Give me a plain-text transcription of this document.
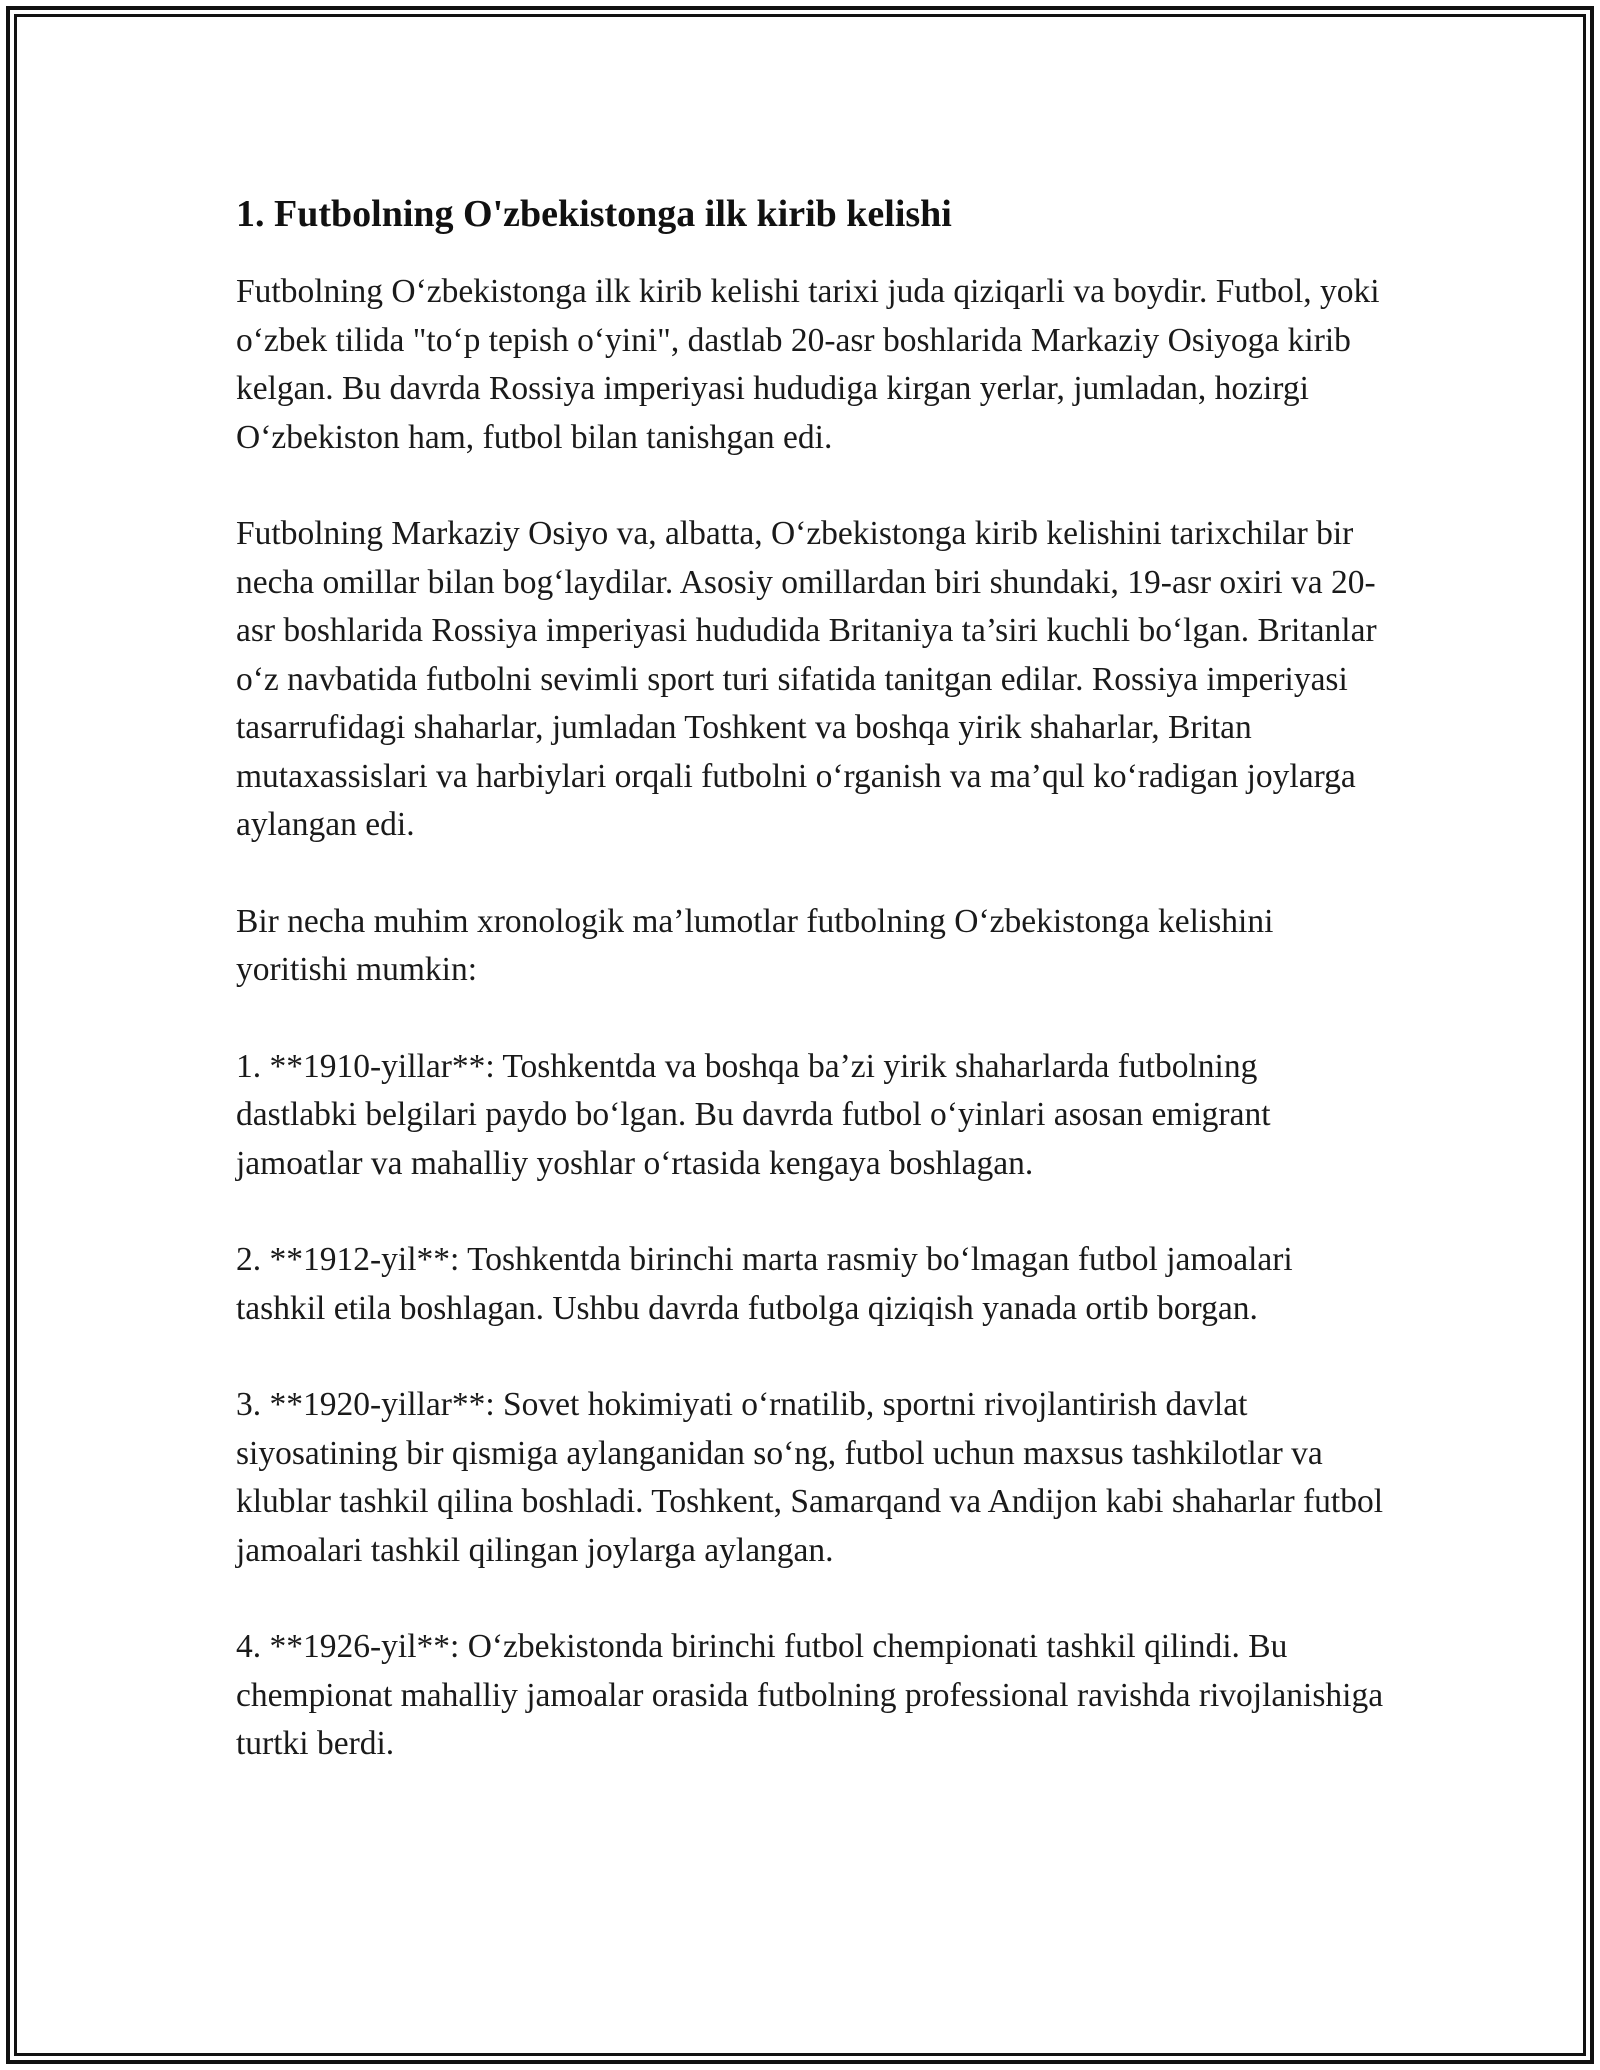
1. Futbolning O'zbekistonga ilk kirib kelishi

Futbolning O‘zbekistonga ilk kirib kelishi tarixi juda qiziqarli va boydir. Futbol, yoki o‘zbek tilida "to‘p tepish o‘yini", dastlab 20-asr boshlarida Markaziy Osiyoga kirib kelgan. Bu davrda Rossiya imperiyasi hududiga kirgan yerlar, jumladan, hozirgi O‘zbekiston ham, futbol bilan tanishgan edi.

Futbolning Markaziy Osiyo va, albatta, O‘zbekistonga kirib kelishini tarixchilar bir necha omillar bilan bog‘laydilar. Asosiy omillardan biri shundaki, 19-asr oxiri va 20-asr boshlarida Rossiya imperiyasi hududida Britaniya ta’siri kuchli bo‘lgan. Britanlar o‘z navbatida futbolni sevimli sport turi sifatida tanitgan edilar. Rossiya imperiyasi tasarrufidagi shaharlar, jumladan Toshkent va boshqa yirik shaharlar, Britan mutaxassislari va harbiylari orqali futbolni o‘rganish va ma’qul ko‘radigan joylarga aylangan edi.

Bir necha muhim xronologik ma’lumotlar futbolning O‘zbekistonga kelishini yoritishi mumkin:

1. **1910-yillar**: Toshkentda va boshqa ba’zi yirik shaharlarda futbolning dastlabki belgilari paydo bo‘lgan. Bu davrda futbol o‘yinlari asosan emigrant jamoatlar va mahalliy yoshlar o‘rtasida kengaya boshlagan.

2. **1912-yil**: Toshkentda birinchi marta rasmiy bo‘lmagan futbol jamoalari tashkil etila boshlagan. Ushbu davrda futbolga qiziqish yanada ortib borgan.

3. **1920-yillar**: Sovet hokimiyati o‘rnatilib, sportni rivojlantirish davlat siyosatining bir qismiga aylanganidan so‘ng, futbol uchun maxsus tashkilotlar va klublar tashkil qilina boshladi. Toshkent, Samarqand va Andijon kabi shaharlar futbol jamoalari tashkil qilingan joylarga aylangan.

4. **1926-yil**: O‘zbekistonda birinchi futbol chempionati tashkil qilindi. Bu chempionat mahalliy jamoalar orasida futbolning professional ravishda rivojlanishiga turtki berdi.
